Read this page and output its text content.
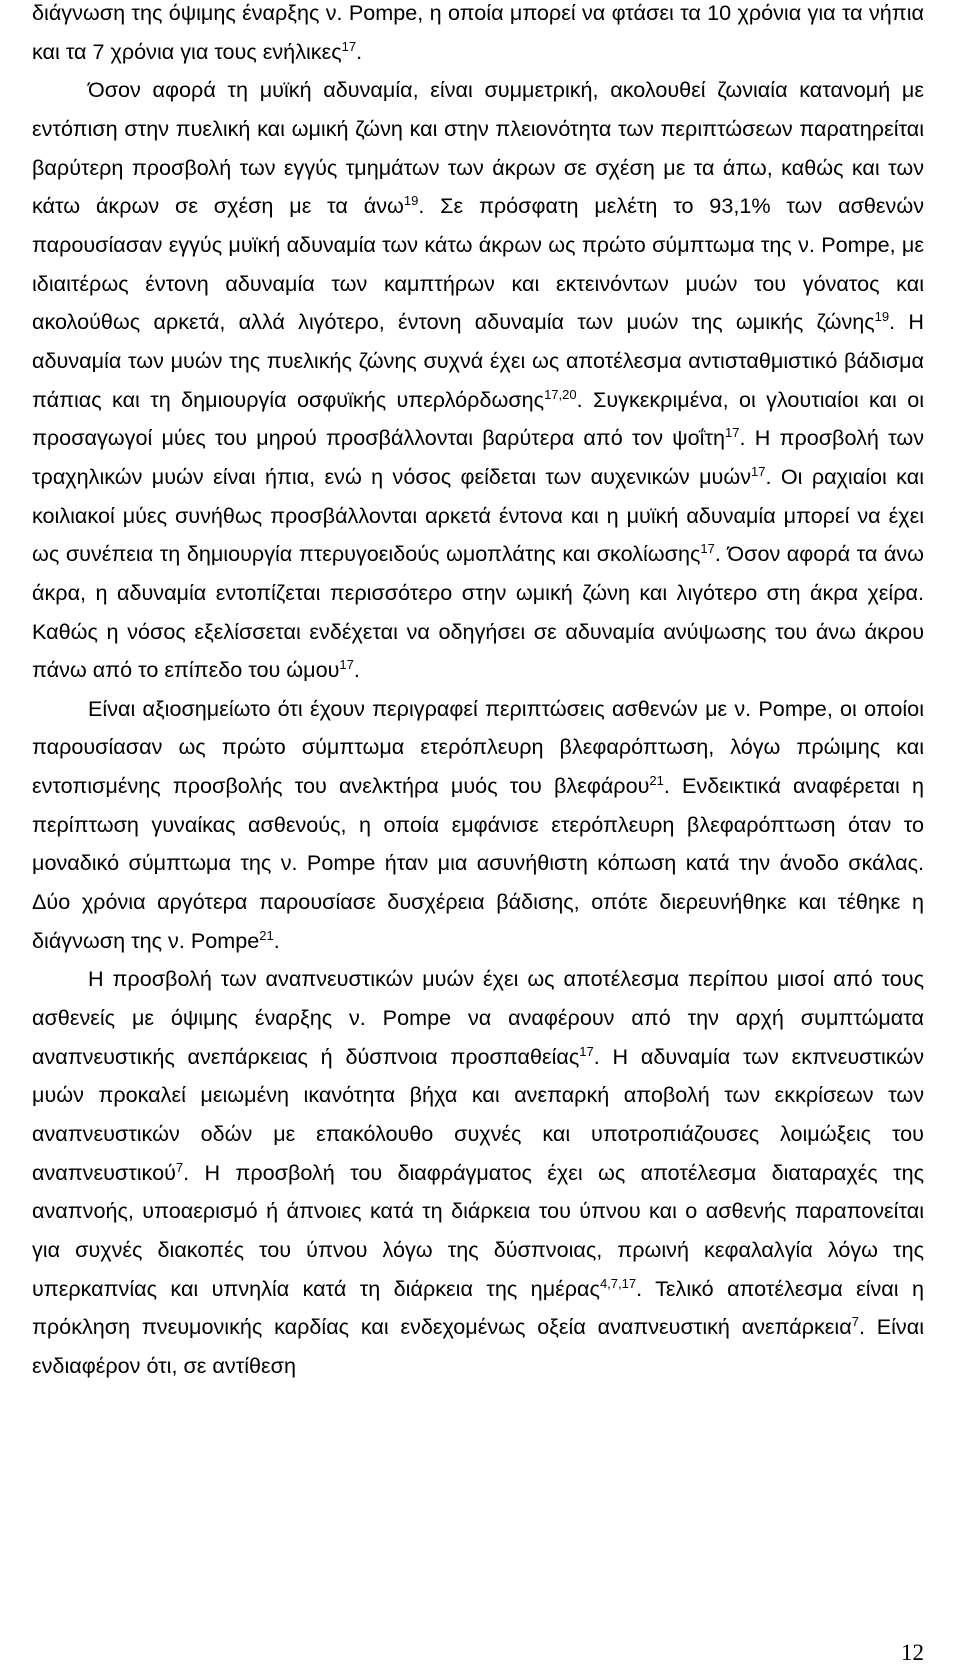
διάγνωση της όψιμης έναρξης ν. Pompe, η οποία μπορεί να φτάσει τα 10 χρόνια για τα νήπια και τα 7 χρόνια για τους ενήλικες$^{17}$.

Όσον αφορά τη μυϊκή αδυναμία, είναι συμμετρική, ακολουθεί ζωνιαία κατανομή με εντόπιση στην πυελική και ωμική ζώνη και στην πλειονότητα των περιπτώσεων παρατηρείται βαρύτερη προσβολή των εγγύς τμημάτων των άκρων σε σχέση με τα άπω, καθώς και των κάτω άκρων σε σχέση με τα άνω$^{19}$. Σε πρόσφατη μελέτη το 93,1% των ασθενών παρουσίασαν εγγύς μυϊκή αδυναμία των κάτω άκρων ως πρώτο σύμπτωμα της ν. Pompe, με ιδιαιτέρως έντονη αδυναμία των καμπτήρων και εκτεινόντων μυών του γόνατος και ακολούθως αρκετά, αλλά λιγότερο, έντονη αδυναμία των μυών της ωμικής ζώνης$^{19}$. Η αδυναμία των μυών της πυελικής ζώνης συχνά έχει ως αποτέλεσμα αντισταθμιστικό βάδισμα πάπιας και τη δημιουργία οσφυϊκής υπερλόρδωσης$^{17,20}$. Συγκεκριμένα, οι γλουτιαίοι και οι προσαγωγοί μύες του μηρού προσβάλλονται βαρύτερα από τον ψοΐτη$^{17}$. Η προσβολή των τραχηλικών μυών είναι ήπια, ενώ η νόσος φείδεται των αυχενικών μυών$^{17}$. Οι ραχιαίοι και κοιλιακοί μύες συνήθως προσβάλλονται αρκετά έντονα και η μυϊκή αδυναμία μπορεί να έχει ως συνέπεια τη δημιουργία πτερυγοειδούς ωμοπλάτης και σκολίωσης$^{17}$. Όσον αφορά τα άνω άκρα, η αδυναμία εντοπίζεται περισσότερο στην ωμική ζώνη και λιγότερο στη άκρα χείρα. Καθώς η νόσος εξελίσσεται ενδέχεται να οδηγήσει σε αδυναμία ανύψωσης του άνω άκρου πάνω από το επίπεδο του ώμου$^{17}$.

Είναι αξιοσημείωτο ότι έχουν περιγραφεί περιπτώσεις ασθενών με ν. Pompe, οι οποίοι παρουσίασαν ως πρώτο σύμπτωμα ετερόπλευρη βλεφαρόπτωση, λόγω πρώιμης και εντοπισμένης προσβολής του ανελκτήρα μυός του βλεφάρου$^{21}$. Ενδεικτικά αναφέρεται η περίπτωση γυναίκας ασθενούς, η οποία εμφάνισε ετερόπλευρη βλεφαρόπτωση όταν το μοναδικό σύμπτωμα της ν. Pompe ήταν μια ασυνήθιστη κόπωση κατά την άνοδο σκάλας. Δύο χρόνια αργότερα παρουσίασε δυσχέρεια βάδισης, οπότε διερευνήθηκε και τέθηκε η διάγνωση της ν. Pompe$^{21}$.

Η προσβολή των αναπνευστικών μυών έχει ως αποτέλεσμα περίπου μισοί από τους ασθενείς με όψιμης έναρξης ν. Pompe να αναφέρουν από την αρχή συμπτώματα αναπνευστικής ανεπάρκειας ή δύσπνοια προσπαθείας$^{17}$. Η αδυναμία των εκπνευστικών μυών προκαλεί μειωμένη ικανότητα βήχα και ανεπαρκή αποβολή των εκκρίσεων των αναπνευστικών οδών με επακόλουθο συχνές και υποτροπιάζουσες λοιμώξεις του αναπνευστικού$^7$. Η προσβολή του διαφράγματος έχει ως αποτέλεσμα διαταραχές της αναπνοής, υποαερισμό ή άπνοιες κατά τη διάρκεια του ύπνου και ο ασθενής παραπονείται για συχνές διακοπές του ύπνου λόγω της δύσπνοιας, πρωινή κεφαλαλγία λόγω της υπερκαπνίας και υπνηλία κατά τη διάρκεια της ημέρας$^{4,7,17}$. Τελικό αποτέλεσμα είναι η πρόκληση πνευμονικής καρδίας και ενδεχομένως οξεία αναπνευστική ανεπάρκεια$^7$. Είναι ενδιαφέρον ότι, σε αντίθεση

12
